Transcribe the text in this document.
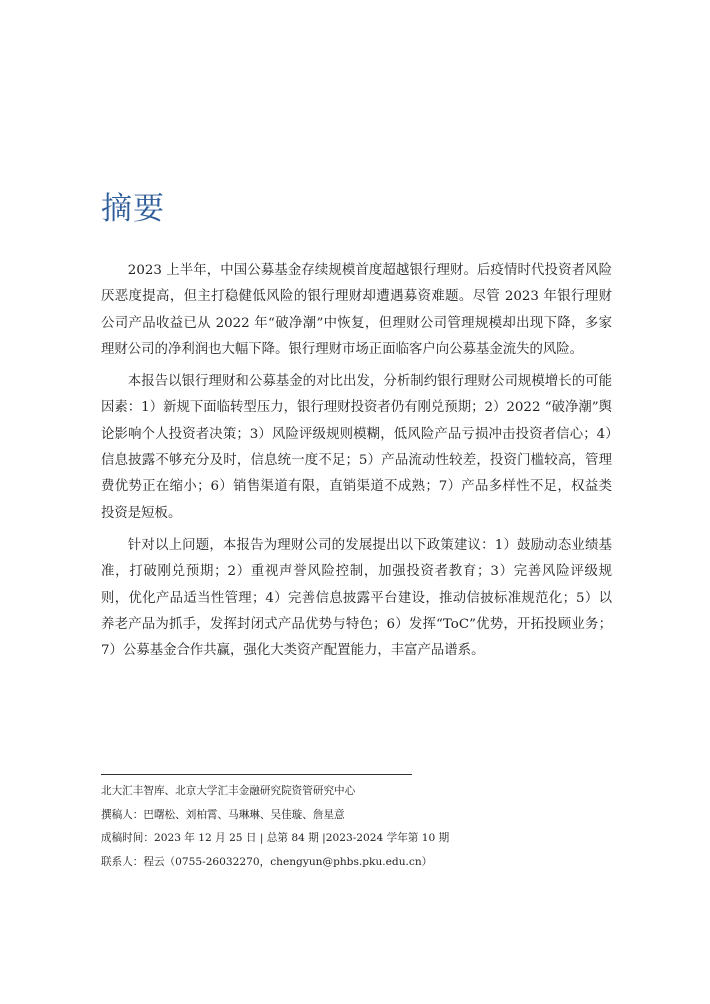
摘要

2023 上半年，中国公募基金存续规模首度超越银行理财。后疫情时代投资者风险厌恶度提高，但主打稳健低风险的银行理财却遭遇募资难题。尽管 2023 年银行理财公司产品收益已从 2022 年“破净潮”中恢复，但理财公司管理规模却出现下降，多家理财公司的净利润也大幅下降。银行理财市场正面临客户向公募基金流失的风险。

本报告以银行理财和公募基金的对比出发，分析制约银行理财公司规模增长的可能因素：1）新规下面临转型压力，银行理财投资者仍有刚兑预期；2）2022 “破净潮”舆论影响个人投资者决策；3）风险评级规则模糊，低风险产品亏损冲击投资者信心；4）信息披露不够充分及时，信息统一度不足；5）产品流动性较差，投资门槛较高，管理费优势正在缩小；6）销售渠道有限，直销渠道不成熟；7）产品多样性不足，权益类投资是短板。

针对以上问题，本报告为理财公司的发展提出以下政策建议：1）鼓励动态业绩基准，打破刚兑预期；2）重视声誉风险控制，加强投资者教育；3）完善风险评级规则，优化产品适当性管理；4）完善信息披露平台建设，推动信披标准规范化；5）以养老产品为抓手，发挥封闭式产品优势与特色；6）发挥“ToC”优势，开拓投顾业务；7）公募基金合作共赢，强化大类资产配置能力，丰富产品谱系。

北大汇丰智库、北京大学汇丰金融研究院资管研究中心
撰稿人：巴曙松、刘柏霄、马琳琳、吴佳璇、詹星意
成稿时间：2023 年 12 月 25 日 | 总第 84 期 |2023-2024 学年第 10 期
联系人：程云（0755-26032270，chengyun@phbs.pku.edu.cn）
